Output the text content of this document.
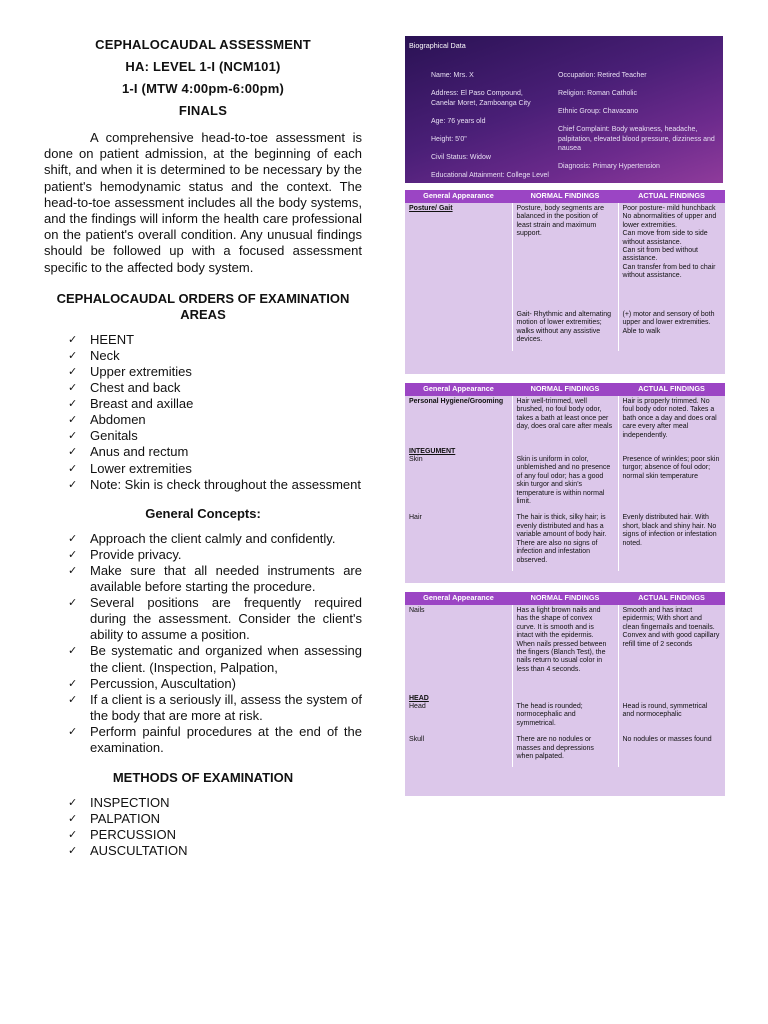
CEPHALOCAUDAL ASSESSMENT

HA: LEVEL 1-I (NCM101)

1-I (MTW 4:00pm-6:00pm)

FINALS

A comprehensive head-to-toe assessment is done on patient admission, at the beginning of each shift, and when it is determined to be necessary by the patient's hemodynamic status and the context. The head-to-toe assessment includes all the body systems, and the findings will inform the health care professional on the patient's overall condition. Any unusual findings should be followed up with a focused assessment specific to the affected body system.

CEPHALOCAUDAL ORDERS OF EXAMINATION AREAS

✓ HEENT
✓ Neck
✓ Upper extremities
✓ Chest and back
✓ Breast and axillae
✓ Abdomen
✓ Genitals
✓ Anus and rectum
✓ Lower extremities
✓ Note: Skin is check throughout the assessment

General Concepts:

✓ Approach the client calmly and confidently.
✓ Provide privacy.
✓ Make sure that all needed instruments are available before starting the procedure.
✓ Several positions are frequently required during the assessment. Consider the client's ability to assume a position.
✓ Be systematic and organized when assessing the client. (Inspection, Palpation,
✓ Percussion, Auscultation)
✓ If a client is a seriously ill, assess the system of the body that are more at risk.
✓ Perform painful procedures at the end of the examination.

METHODS OF EXAMINATION

✓ INSPECTION
✓ PALPATION
✓ PERCUSSION
✓ AUSCULTATION
Biographical Data
Name: Mrs. X
Address: El Paso Compound, Canelar Moret, Zamboanga City
Age: 76 years old
Height: 5'0"
Civil Status: Widow
Educational Attainment: College Level
Occupation: Retired Teacher
Religion: Roman Catholic
Ethnic Group: Chavacano
Chief Complaint: Body weakness, headache, palpitation, elevated blood pressure, dizziness and nausea
Diagnosis: Primary Hypertension
General Appearance	NORMAL FINDINGS	ACTUAL FINDINGS
Posture/ Gait	Posture, body segments are balanced in the position of least strain and maximum support.	Poor posture- mild hunchback
No abnormalities of upper and lower extremities.
Can move from side to side without assistance.
Can sit from bed without assistance.
Can transfer from bed to chair without assistance.
	Gait- Rhythmic and alternating motion of lower extremities; walks without any assistive devices.	(+) motor and sensory of both upper and lower extremities.
Able to walk
General Appearance	NORMAL FINDINGS	ACTUAL FINDINGS
Personal Hygiene/Grooming	Hair well-trimmed, well brushed, no foul body odor, takes a bath at least once per day, does oral care after meals	Hair is properly trimmed. No foul body odor noted. Takes a bath once a day and does oral care every after meal independently.

INTEGUMENT
Skin	Skin is uniform in color, unblemished and no presence of any foul odor; has a good skin turgor and skin's temperature is within normal limit.	Presence of wrinkles; poor skin turgor; absence of foul odor; normal skin temperature
Hair	The hair is thick, silky hair; is evenly distributed and has a variable amount of body hair. There are also no signs of infection and infestation observed.	Evenly distributed hair. With short, black and shiny hair. No signs of infection or infestation noted.
General Appearance	NORMAL FINDINGS	ACTUAL FINDINGS
Nails	Has a light brown nails and has the shape of convex curve. It is smooth and is intact with the epidermis. When nails pressed between the fingers (Blanch Test), the nails return to usual color in less than 4 seconds.	Smooth and has intact epidermis; With short and clean fingernails and toenails. Convex and with good capillary refill time of 2 seconds

HEAD
Head	The head is rounded; normocephalic and symmetrical.	Head is round, symmetrical and normocephalic
Skull	There are no nodules or masses and depressions when palpated.	No nodules or masses found
